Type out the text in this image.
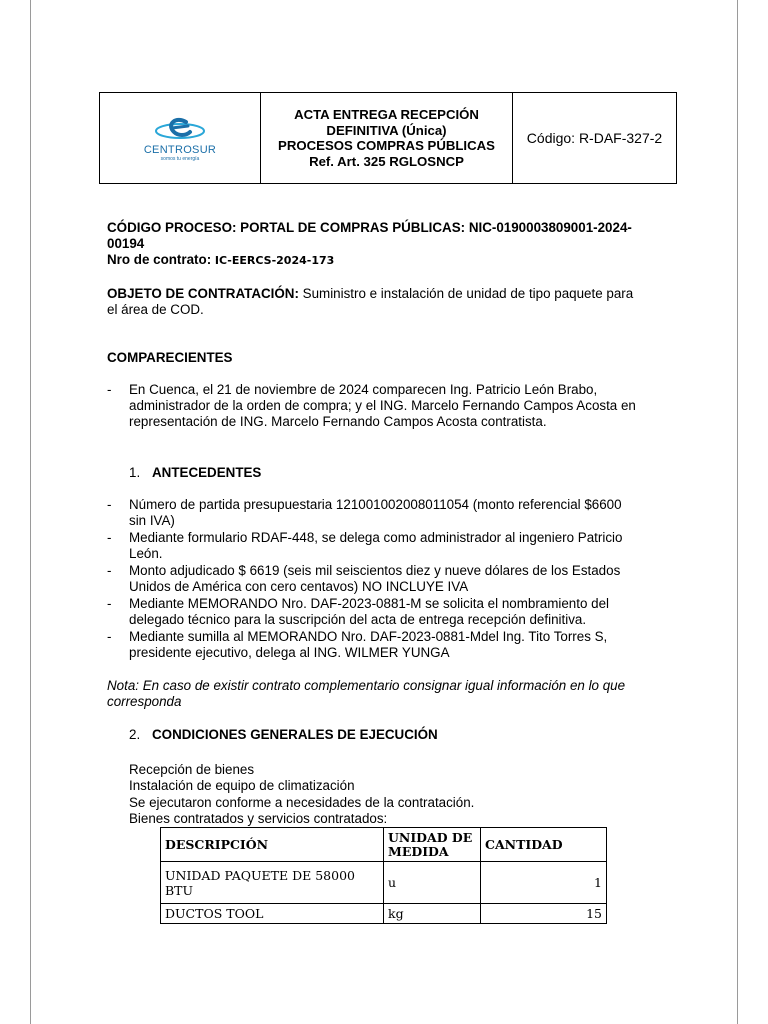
CENTROSUR
somos tu energía
ACTA ENTREGA RECEPCIÓN
DEFINITIVA (Única)
PROCESOS COMPRAS PÚBLICAS
Ref. Art. 325 RGLOSNCP
Código: R-DAF-327-2
CÓDIGO PROCESO: PORTAL DE COMPRAS PÚBLICAS: NIC-0190003809001-2024-
00194
Nro de contrato: IC-EERCS-2024-173
OBJETO DE CONTRATACIÓN: Suministro e instalación de unidad de tipo paquete para
el área de COD.
COMPARECIENTES
- En Cuenca, el 21 de noviembre de 2024 comparecen Ing. Patricio León Brabo,
administrador de la orden de compra; y el ING. Marcelo Fernando Campos Acosta en
representación de ING. Marcelo Fernando Campos Acosta contratista.
1. ANTECEDENTES
- Número de partida presupuestaria 121001002008011054 (monto referencial $6600
sin IVA)
- Mediante formulario RDAF-448, se delega como administrador al ingeniero Patricio
León.
- Monto adjudicado $ 6619 (seis mil seiscientos diez y nueve dólares de los Estados
Unidos de América con cero centavos) NO INCLUYE IVA
- Mediante MEMORANDO Nro. DAF-2023-0881-M se solicita el nombramiento del
delegado técnico para la suscripción del acta de entrega recepción definitiva.
- Mediante sumilla al MEMORANDO Nro. DAF-2023-0881-Mdel Ing. Tito Torres S,
presidente ejecutivo, delega al ING. WILMER YUNGA
Nota: En caso de existir contrato complementario consignar igual información en lo que
corresponda
2. CONDICIONES GENERALES DE EJECUCIÓN
Recepción de bienes
Instalación de equipo de climatización
Se ejecutaron conforme a necesidades de la contratación.
Bienes contratados y servicios contratados:
DESCRIPCIÓN	UNIDAD DE MEDIDA	CANTIDAD
UNIDAD PAQUETE DE 58000 BTU	u	1
DUCTOS TOOL	kg	15
